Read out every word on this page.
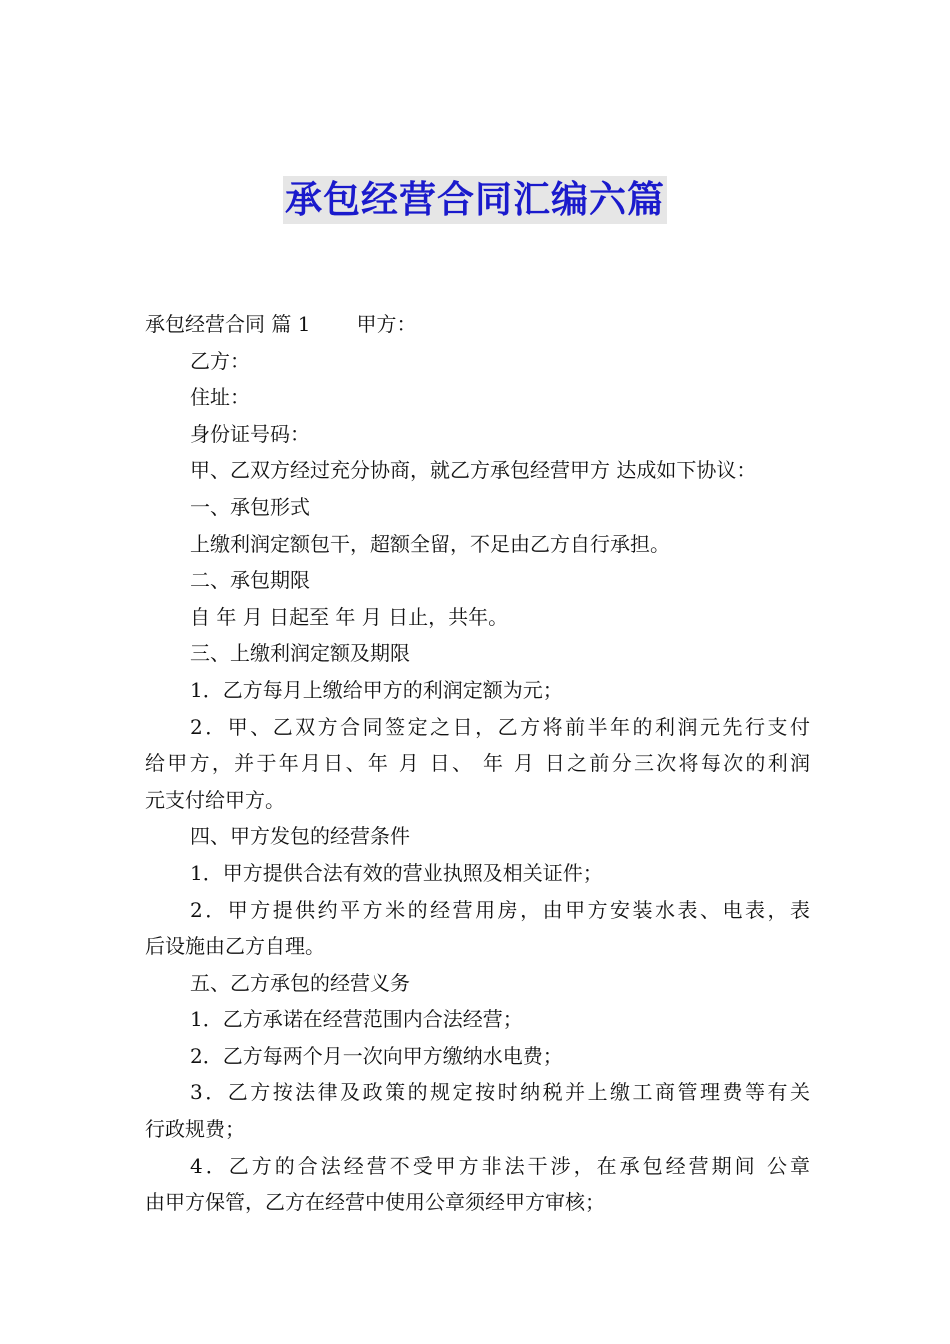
承包经营合同汇编六篇
承包经营合同 篇 1 甲方：
乙方：
住址：
身份证号码：
甲、乙双方经过充分协商，就乙方承包经营甲方 达成如下协议：
一、承包形式
上缴利润定额包干，超额全留，不足由乙方自行承担。
二、承包期限
自 年 月 日起至 年 月 日止，共年。
三、上缴利润定额及期限
1．乙方每月上缴给甲方的利润定额为元；
2．甲、乙双方合同签定之日，乙方将前半年的利润元先行支付
给甲方，并于年月日、年 月 日、 年 月 日之前分三次将每次的利润
元支付给甲方。
四、甲方发包的经营条件
1．甲方提供合法有效的营业执照及相关证件；
2．甲方提供约平方米的经营用房，由甲方安装水表、电表，表
后设施由乙方自理。
五、乙方承包的经营义务
1．乙方承诺在经营范围内合法经营；
2．乙方每两个月一次向甲方缴纳水电费；
3．乙方按法律及政策的规定按时纳税并上缴工商管理费等有关
行政规费；
4．乙方的合法经营不受甲方非法干涉，在承包经营期间 公章
由甲方保管，乙方在经营中使用公章须经甲方审核；
